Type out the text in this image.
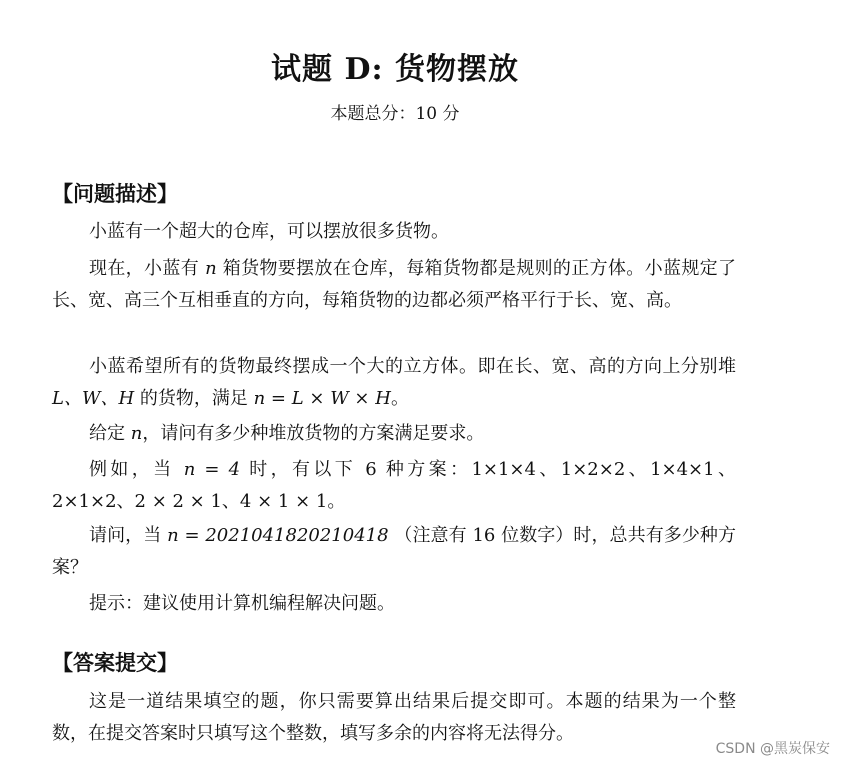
试题 D: 货物摆放
本题总分：10 分
【问题描述】
小蓝有一个超大的仓库，可以摆放很多货物。
现在，小蓝有 n 箱货物要摆放在仓库，每箱货物都是规则的正方体。小蓝规定了长、宽、高三个互相垂直的方向，每箱货物的边都必须严格平行于长、宽、高。
小蓝希望所有的货物最终摆成一个大的立方体。即在长、宽、高的方向上分别堆 L、W、H 的货物，满足 n = L × W × H。
给定 n，请问有多少种堆放货物的方案满足要求。
例如，当 n = 4 时，有以下 6 种方案：1×1×4、1×2×2、1×4×1、2×1×2、2 × 2 × 1、4 × 1 × 1。
请问，当 n = 2021041820210418 （注意有 16 位数字）时，总共有多少种方案？
提示：建议使用计算机编程解决问题。
【答案提交】
这是一道结果填空的题，你只需要算出结果后提交即可。本题的结果为一个整数，在提交答案时只填写这个整数，填写多余的内容将无法得分。
CSDN @黑炭保安
